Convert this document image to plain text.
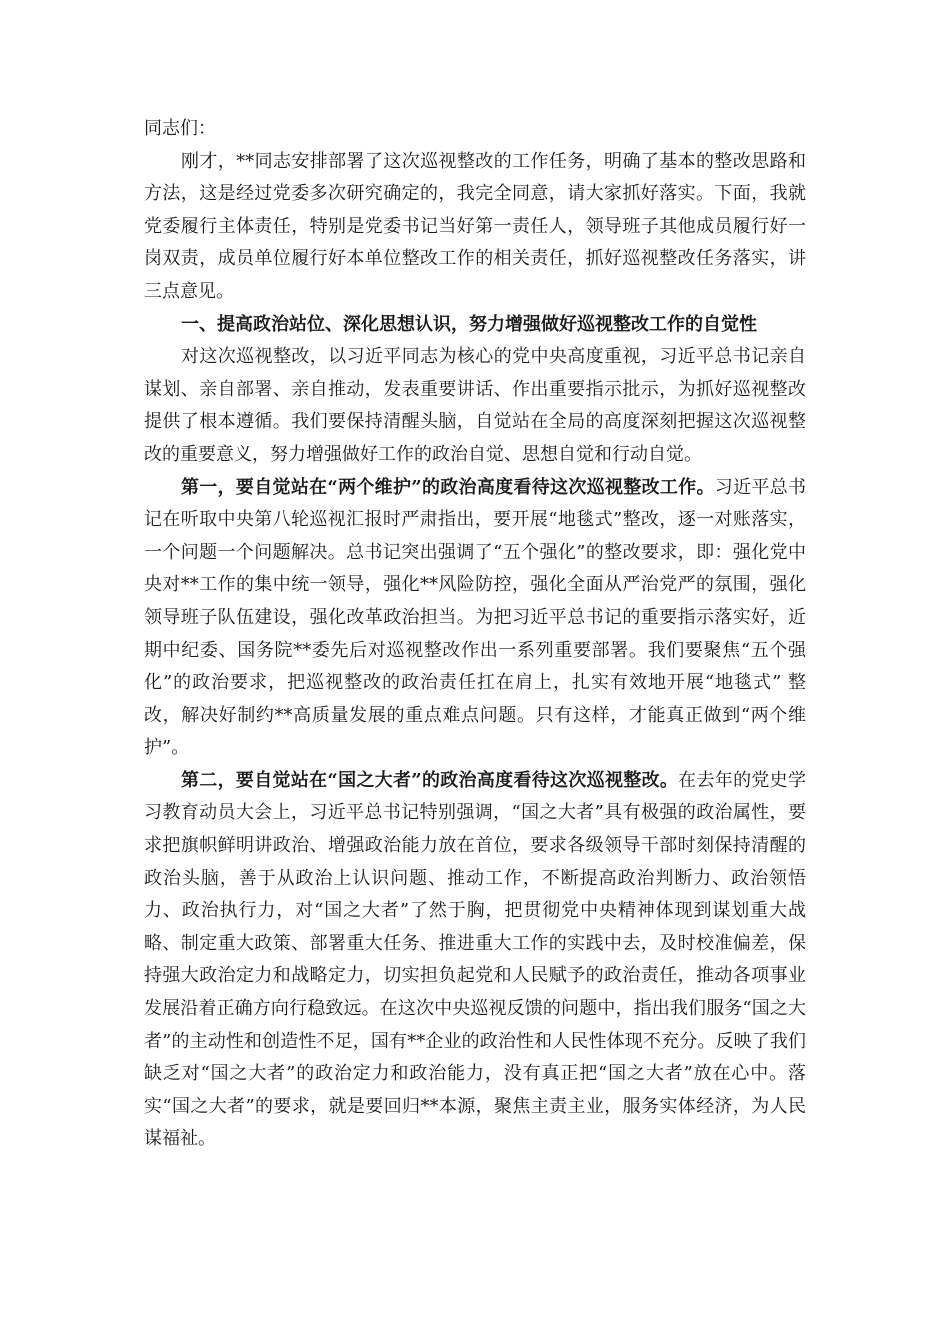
同志们：

刚才，**同志安排部署了这次巡视整改的工作任务，明确了基本的整改思路和方法，这是经过党委多次研究确定的，我完全同意，请大家抓好落实。下面，我就党委履行主体责任，特别是党委书记当好第一责任人，领导班子其他成员履行好一岗双责，成员单位履行好本单位整改工作的相关责任，抓好巡视整改任务落实，讲三点意见。

一、提高政治站位、深化思想认识，努力增强做好巡视整改工作的自觉性

对这次巡视整改，以习近平同志为核心的党中央高度重视，习近平总书记亲自谋划、亲自部署、亲自推动，发表重要讲话、作出重要指示批示，为抓好巡视整改提供了根本遵循。我们要保持清醒头脑，自觉站在全局的高度深刻把握这次巡视整改的重要意义，努力增强做好工作的政治自觉、思想自觉和行动自觉。

第一，要自觉站在“两个维护”的政治高度看待这次巡视整改工作。习近平总书记在听取中央第八轮巡视汇报时严肃指出，要开展“地毯式”整改，逐一对账落实，一个问题一个问题解决。总书记突出强调了“五个强化”的整改要求，即：强化党中央对**工作的集中统一领导，强化**风险防控，强化全面从严治党严的氛围，强化领导班子队伍建设，强化改革政治担当。为把习近平总书记的重要指示落实好，近期中纪委、国务院**委先后对巡视整改作出一系列重要部署。我们要聚焦“五个强化”的政治要求，把巡视整改的政治责任扛在肩上，扎实有效地开展“地毯式” 整改，解决好制约**高质量发展的重点难点问题。只有这样，才能真正做到“两个维护”。

第二，要自觉站在“国之大者”的政治高度看待这次巡视整改。在去年的党史学习教育动员大会上，习近平总书记特别强调，“国之大者”具有极强的政治属性，要求把旗帜鲜明讲政治、增强政治能力放在首位，要求各级领导干部时刻保持清醒的政治头脑，善于从政治上认识问题、推动工作，不断提高政治判断力、政治领悟力、政治执行力，对“国之大者”了然于胸，把贯彻党中央精神体现到谋划重大战略、制定重大政策、部署重大任务、推进重大工作的实践中去，及时校准偏差，保持强大政治定力和战略定力，切实担负起党和人民赋予的政治责任，推动各项事业发展沿着正确方向行稳致远。在这次中央巡视反馈的问题中，指出我们服务“国之大者”的主动性和创造性不足，国有**企业的政治性和人民性体现不充分。反映了我们缺乏对“国之大者”的政治定力和政治能力，没有真正把“国之大者”放在心中。落实“国之大者”的要求，就是要回归**本源，聚焦主责主业，服务实体经济，为人民谋福祉。
